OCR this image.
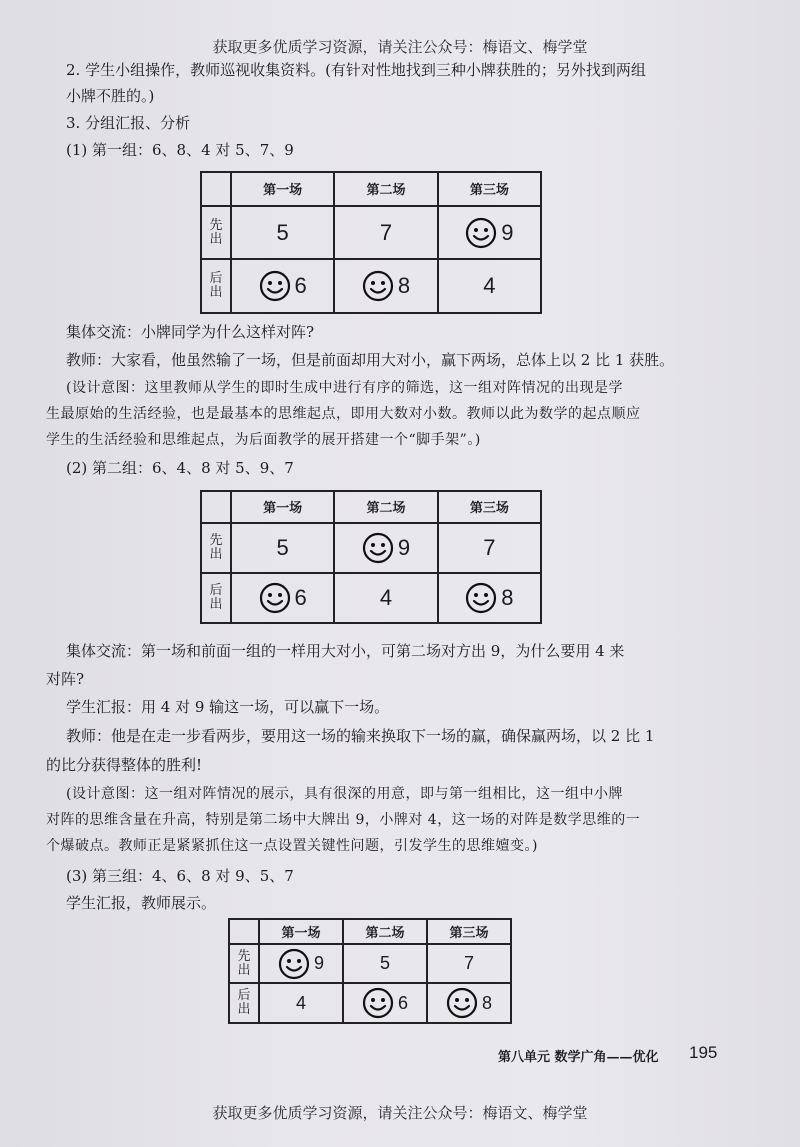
获取更多优质学习资源，请关注公众号：梅语文、梅学堂
2. 学生小组操作，教师巡视收集资料。(有针对性地找到三种小牌获胜的；另外找到两组
小牌不胜的。)
3. 分组汇报、分析
(1) 第一组：6、8、4 对 5、7、9
	第一场	第二场	第三场
先出	5	7	9

后出	6	8	4
集体交流：小牌同学为什么这样对阵?
教师：大家看，他虽然输了一场，但是前面却用大对小，赢下两场，总体上以 2 比 1 获胜。
(设计意图：这里教师从学生的即时生成中进行有序的筛选，这一组对阵情况的出现是学
生最原始的生活经验，也是最基本的思维起点，即用大数对小数。教师以此为数学的起点顺应
学生的生活经验和思维起点，为后面教学的展开搭建一个“脚手架”。)
(2) 第二组：6、4、8 对 5、9、7
	第一场	第二场	第三场
先出	5	9	7

后出	6	4	8
集体交流：第一场和前面一组的一样用大对小，可第二场对方出 9，为什么要用 4 来
对阵?
学生汇报：用 4 对 9 输这一场，可以赢下一场。
教师：他是在走一步看两步，要用这一场的输来换取下一场的赢，确保赢两场，以 2 比 1
的比分获得整体的胜利!
(设计意图：这一组对阵情况的展示，具有很深的用意，即与第一组相比，这一组中小牌
对阵的思维含量在升高，特别是第二场中大牌出 9，小牌对 4，这一场的对阵是数学思维的一
个爆破点。教师正是紧紧抓住这一点设置关键性问题，引发学生的思维嬗变。)
(3) 第三组：4、6、8 对 9、5、7
学生汇报，教师展示。
	第一场	第二场	第三场
先出	9	5	7

后出	4	6	8
第八单元 数学广角——优化 195
获取更多优质学习资源，请关注公众号：梅语文、梅学堂
